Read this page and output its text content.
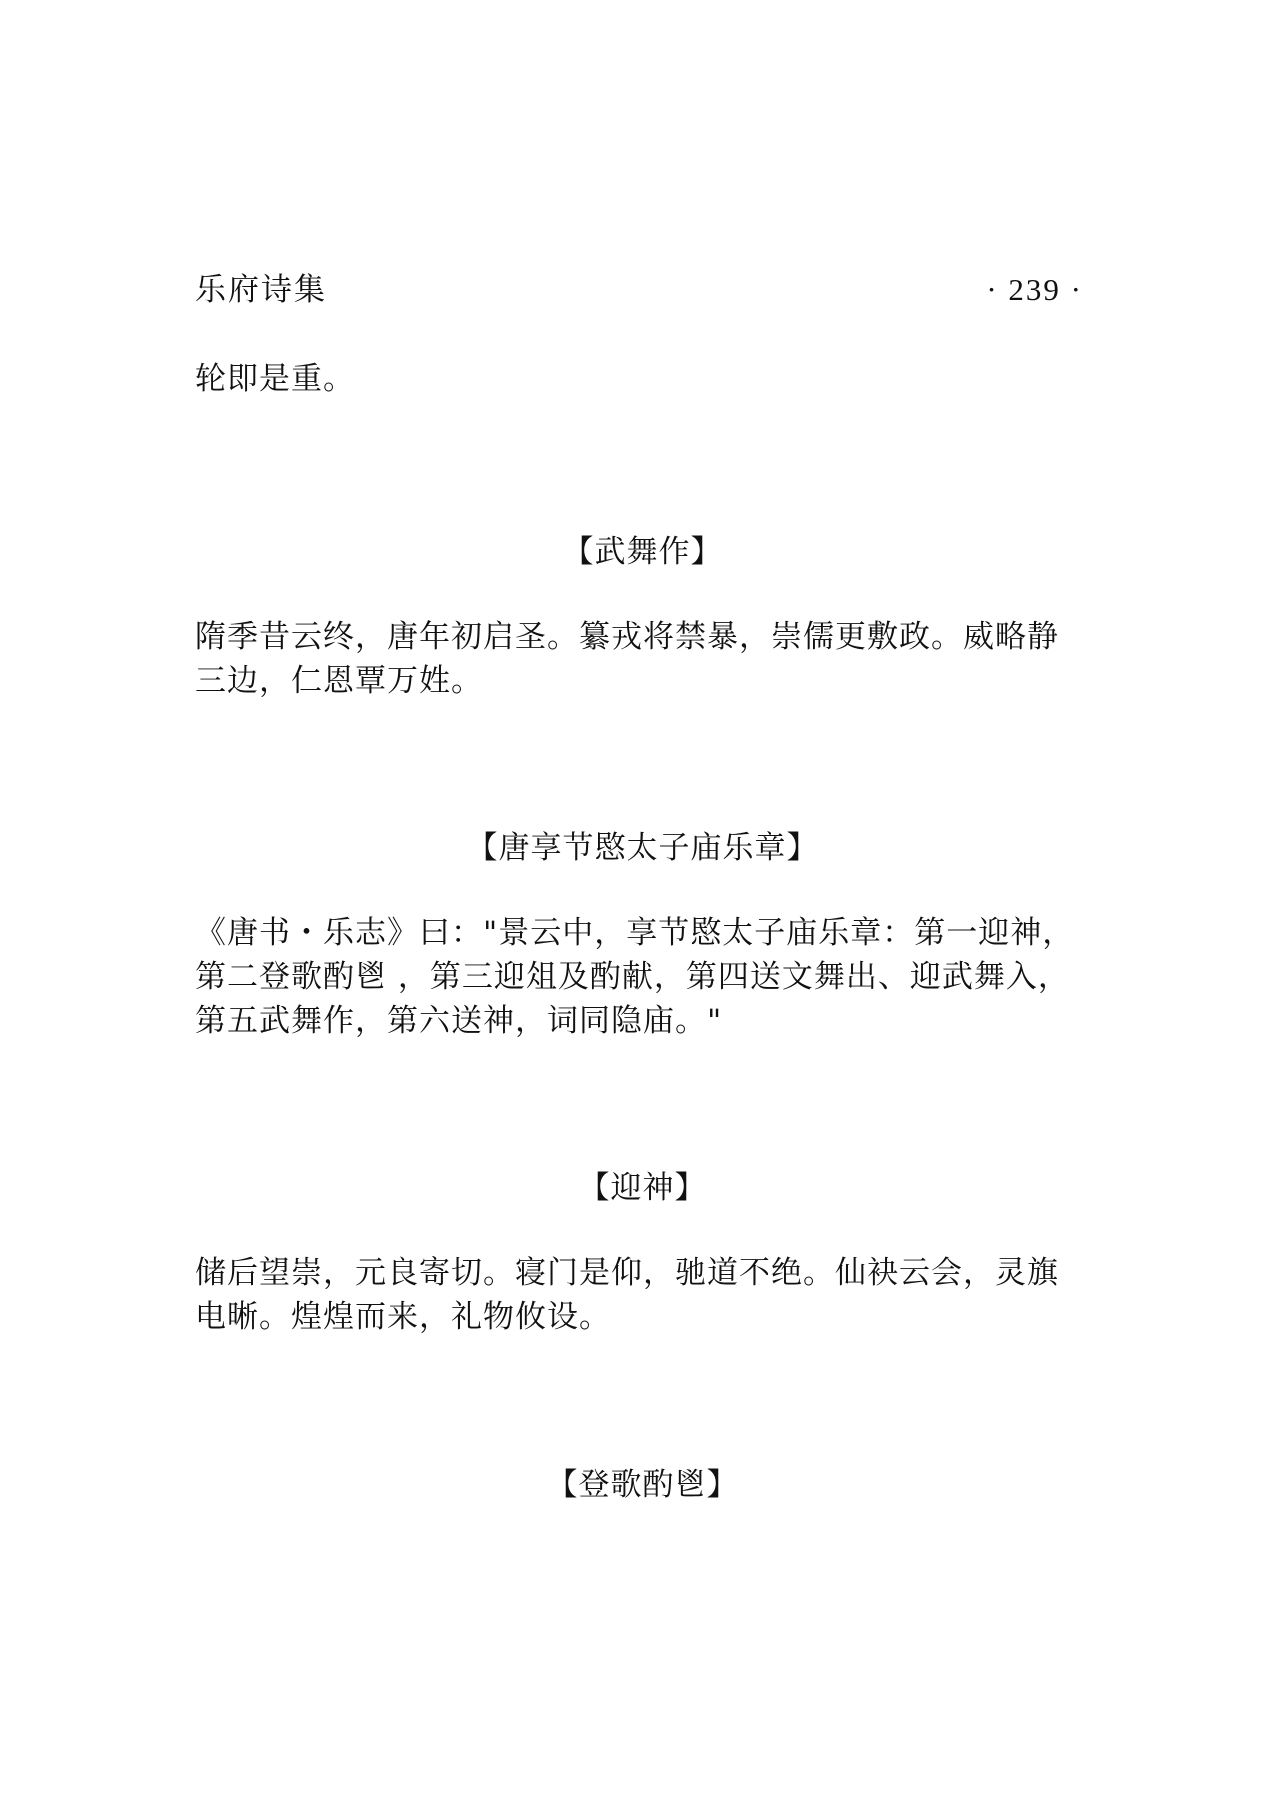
乐府诗集	· 239 ·
轮即是重。
【武舞作】
隋季昔云终，唐年初启圣。纂戎将禁暴，崇儒更敷政。威略静
三边，仁恩覃万姓。
【唐享节愍太子庙乐章】
《唐书・乐志》曰："景云中，享节愍太子庙乐章：第一迎神，
第二登歌酌鬯 ，第三迎俎及酌献，第四送文舞出、迎武舞入，
第五武舞作，第六送神，词同隐庙。"
【迎神】
储后望崇，元良寄切。寝门是仰，驰道不绝。仙袂云会，灵旗
电晰。煌煌而来，礼物攸设。
【登歌酌鬯】
